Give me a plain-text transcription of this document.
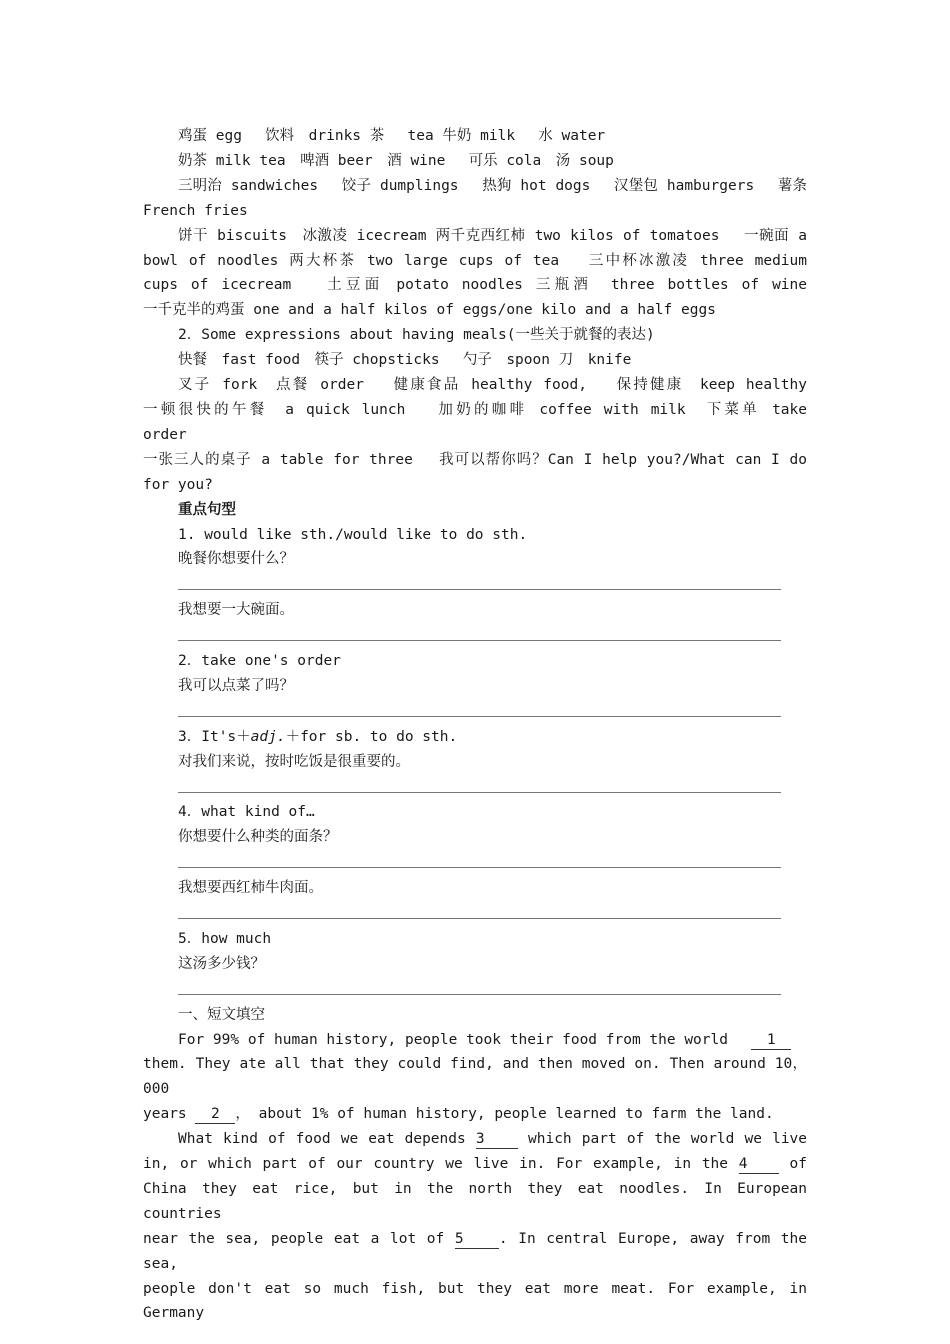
鸡蛋 egg　 饮料　drinks 茶　 tea 牛奶 milk　 水 water

奶茶 milk tea　啤酒 beer　酒 wine　 可乐 cola　汤 soup

三明治 sandwiches　 饺子 dumplings　 热狗 hot dogs　 汉堡包 hamburgers　 薯条

French fries

饼干 biscuits　冰激凌 icecream 两千克西红柿 two kilos of tomatoes　 一碗面 a

bowl of noodles 两大杯茶 two large cups of tea　 三中杯冰激凌 three medium

cups of icecream　 土豆面 potato noodles 三瓶酒　three bottles of wine

一千克半的鸡蛋 one and a half kilos of eggs/one kilo and a half eggs

2．Some expressions about having meals(一些关于就餐的表达)

快餐　fast food　筷子 chopsticks　 勺子　spoon 刀　knife

叉子 fork　点餐 order　 健康食品 healthy food,　 保持健康　keep healthy

一顿很快的午餐　a quick lunch　 加奶的咖啡 coffee with milk　下菜单 take

order

一张三人的桌子 a table for three　 我可以帮你吗？Can I help you?/What can I do

for you?

重点句型

1. would like sth./would like to do sth.

晚餐你想要什么？

我想要一大碗面。

2．take one's order

我可以点菜了吗？

3．It's＋adj.＋for sb. to do sth.

对我们来说，按时吃饭是很重要的。

4．what kind of…

你想要什么种类的面条？

我想要西红柿牛肉面。

5．how much

这汤多少钱？

一、短文填空

For 99% of human history, people took their food from the world　	1

them. They ate all that they could find, and then moved on. Then around 10，000

years 2 ， about 1% of human history, people learned to farm the land.

What kind of food we eat depends 3	which part of the world we live

in, or which part of our country we live in. For example, in the 4	of

China they eat rice, but in the north they eat noodles. In European countries

near the sea, people eat a lot of 5 . In central Europe, away from the sea,

people don't eat so much fish, but they eat more meat. For example, in Germany
